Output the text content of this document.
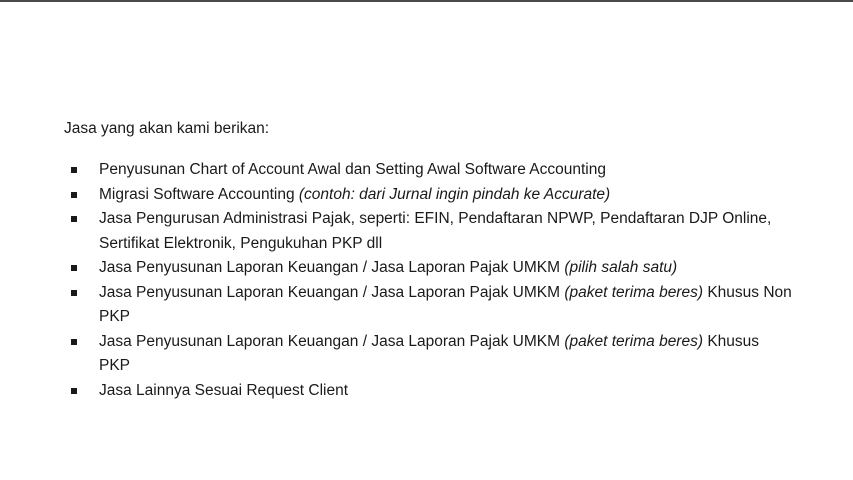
Jasa yang akan kami berikan:

Penyusunan Chart of Account Awal dan Setting Awal Software Accounting
Migrasi Software Accounting (contoh: dari Jurnal ingin pindah ke Accurate)
Jasa Pengurusan Administrasi Pajak, seperti: EFIN, Pendaftaran NPWP, Pendaftaran DJP Online, Sertifikat Elektronik, Pengukuhan PKP dll
Jasa Penyusunan Laporan Keuangan / Jasa Laporan Pajak UMKM (pilih salah satu)
Jasa Penyusunan Laporan Keuangan / Jasa Laporan Pajak UMKM (paket terima beres) Khusus Non PKP
Jasa Penyusunan Laporan Keuangan / Jasa Laporan Pajak UMKM (paket terima beres) Khusus PKP
Jasa Lainnya Sesuai Request Client
